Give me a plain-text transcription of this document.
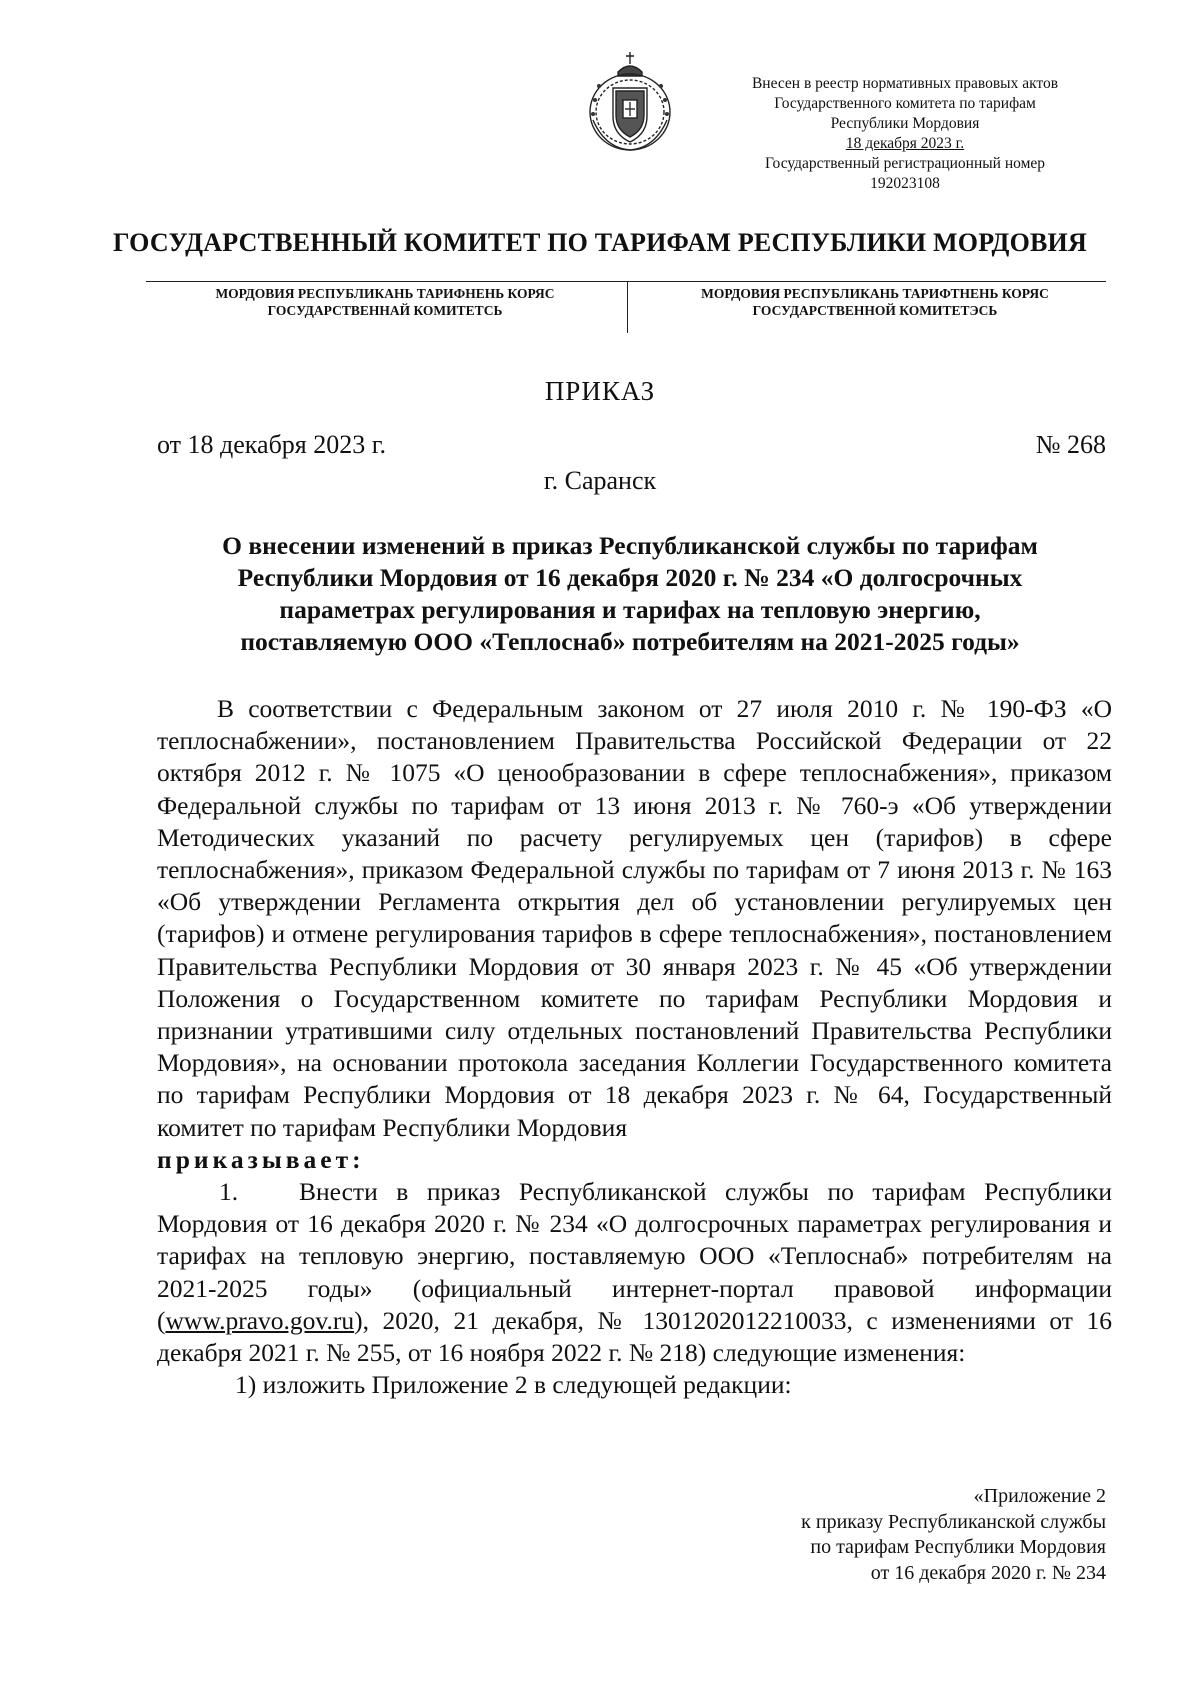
Внесен в реестр нормативных правовых актов
Государственного комитета по тарифам
Республики Мордовия
18 декабря 2023 г.
Государственный регистрационный номер
192023108
ГОСУДАРСТВЕННЫЙ КОМИТЕТ ПО ТАРИФАМ РЕСПУБЛИКИ МОРДОВИЯ
МОРДОВИЯ РЕСПУБЛИКАНЬ ТАРИФНЕНЬ КОРЯС
ГОСУДАРСТВЕННАЙ КОМИТЕТСЬ
МОРДОВИЯ РЕСПУБЛИКАНЬ ТАРИФТНЕНЬ КОРЯС
ГОСУДАРСТВЕННОЙ КОМИТЕТЭСЬ
ПРИКАЗ
от 18 декабря 2023 г.	№ 268
г. Саранск
О внесении изменений в приказ Республиканской службы по тарифам
Республики Мордовия от 16 декабря 2020 г. № 234 «О долгосрочных
параметрах регулирования и тарифах на тепловую энергию,
поставляемую ООО «Теплоснаб» потребителям на 2021-2025 годы»

В соответствии с Федеральным законом от 27 июля 2010 г. № 190-ФЗ «О теплоснабжении», постановлением Правительства Российской Федерации от 22 октября 2012 г. № 1075 «О ценообразовании в сфере теплоснабжения», приказом Федеральной службы по тарифам от 13 июня 2013 г. № 760-э «Об утверждении Методических указаний по расчету регулируемых цен (тарифов) в сфере теплоснабжения», приказом Федеральной службы по тарифам от 7 июня 2013 г. № 163 «Об утверждении Регламента открытия дел об установлении регулируемых цен (тарифов) и отмене регулирования тарифов в сфере теплоснабжения», постановлением Правительства Республики Мордовия от 30 января 2023 г. № 45 «Об утверждении Положения о Государственном комитете по тарифам Республики Мордовия и признании утратившими силу отдельных постановлений Правительства Республики Мордовия», на основании протокола заседания Коллегии Государственного комитета по тарифам Республики Мордовия от 18 декабря 2023 г. № 64, Государственный комитет по тарифам Республики Мордовия

приказывает:

1. Внести в приказ Республиканской службы по тарифам Республики Мордовия от 16 декабря 2020 г. № 234 «О долгосрочных параметрах регулирования и тарифах на тепловую энергию, поставляемую ООО «Теплоснаб» потребителям на 2021-2025 годы» (официальный интернет-портал правовой информации (www.pravo.gov.ru), 2020, 21 декабря, № 1301202012210033, с изменениями от 16 декабря 2021 г. № 255, от 16 ноября 2022 г. № 218) следующие изменения:

1) изложить Приложение 2 в следующей редакции:

«Приложение 2
к приказу Республиканской службы
по тарифам Республики Мордовия
от 16 декабря 2020 г. № 234
